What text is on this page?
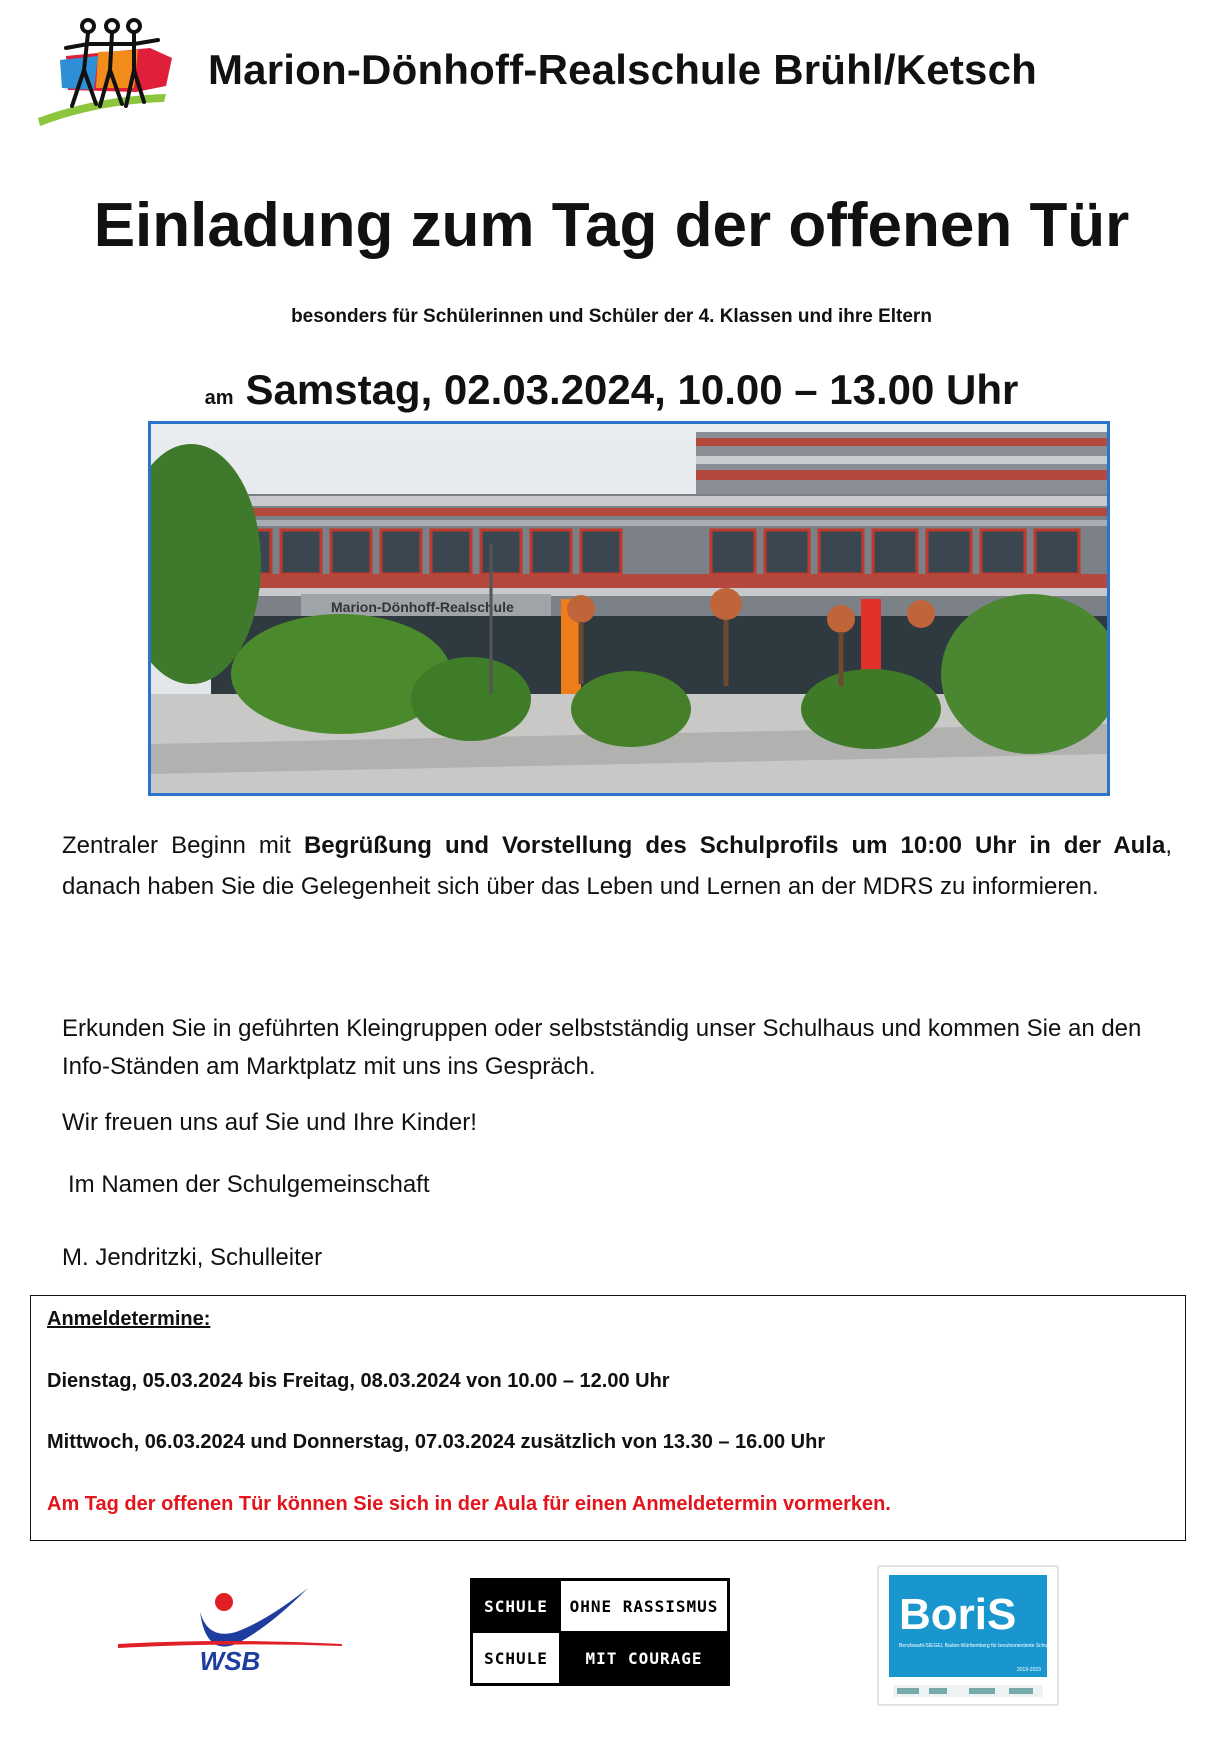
Marion-Dönhoff-Realschule Brühl/Ketsch
Einladung zum Tag der offenen Tür
besonders für Schülerinnen und Schüler der 4. Klassen und ihre Eltern
am Samstag, 02.03.2024, 10.00 – 13.00 Uhr
Marion-Dönhoff-Realschule
Zentraler Beginn mit Begrüßung und Vorstellung des Schulprofils um 10:00 Uhr in der Aula, danach haben Sie die Gelegenheit sich über das Leben und Lernen an der MDRS zu informieren.
Erkunden Sie in geführten Kleingruppen oder selbstständig unser Schulhaus und kommen Sie an den Info-Ständen am Marktplatz mit uns ins Gespräch.
Wir freuen uns auf Sie und Ihre Kinder!
Im Namen der Schulgemeinschaft
M. Jendritzki, Schulleiter
Anmeldetermine:
Dienstag, 05.03.2024 bis Freitag, 08.03.2024 von 10.00 – 12.00 Uhr
Mittwoch, 06.03.2024 und Donnerstag, 07.03.2024 zusätzlich von 13.30 – 16.00 Uhr
Am Tag der offenen Tür können Sie sich in der Aula für einen Anmeldetermin vormerken.
WSB
SCHULE	OHNE RASSISMUS
SCHULE	MIT COURAGE
BoriS
Berufswahl-SIEGEL Baden-Württemberg für berufsorientierte Schulen
2019-2023
